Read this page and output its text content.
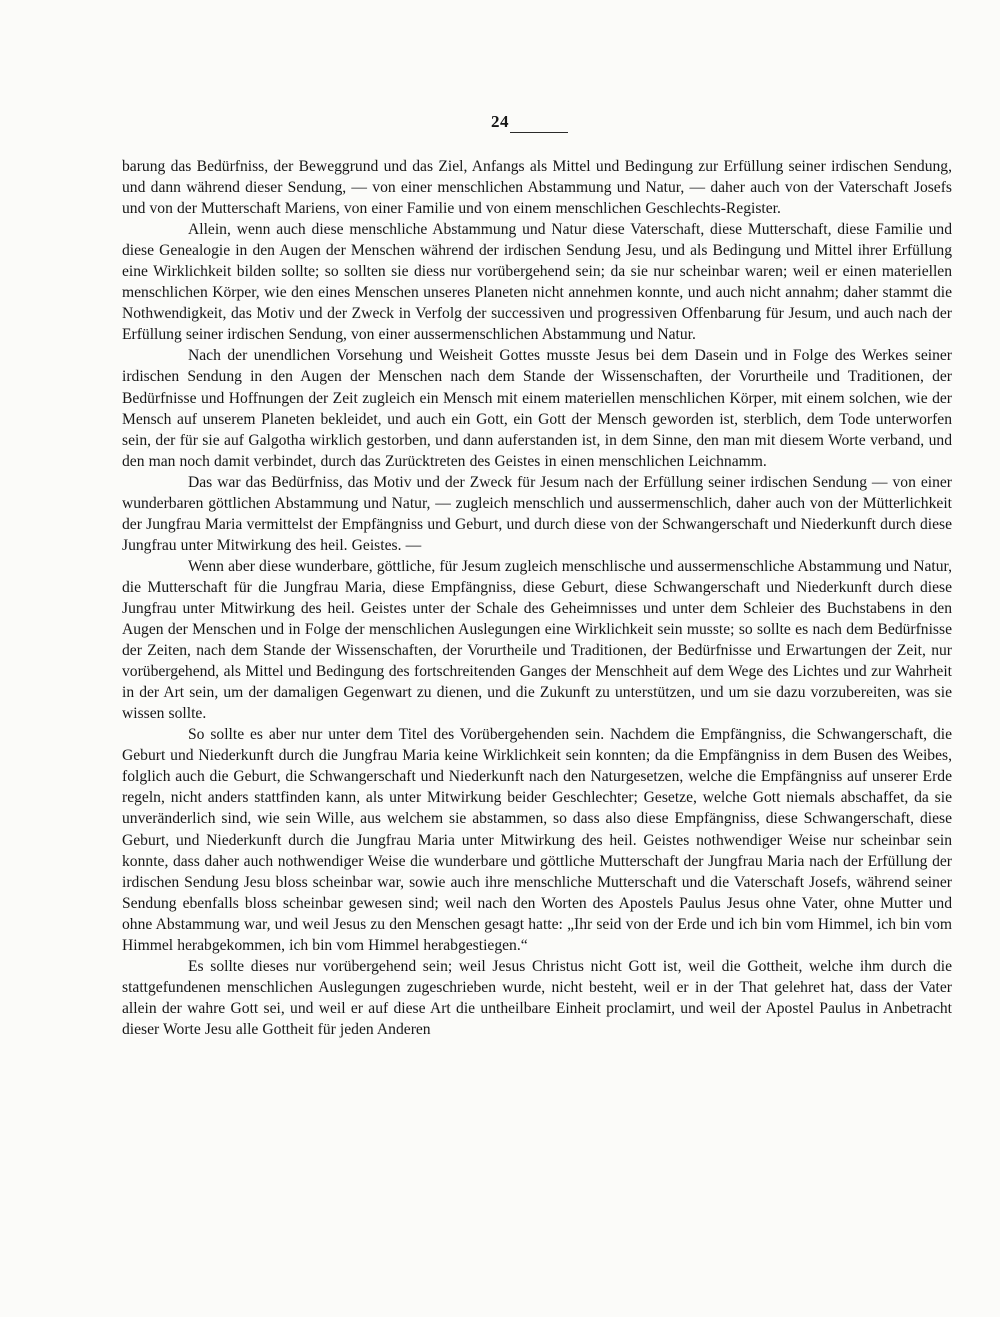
24

barung das Bedürfniss, der Beweggrund und das Ziel, Anfangs als Mittel und Bedingung zur Erfüllung seiner irdischen Sendung, und dann während dieser Sendung, — von einer menschlichen Abstammung und Natur, — daher auch von der Vaterschaft Josefs und von der Mutterschaft Mariens, von einer Familie und von einem menschlichen Geschlechts-Register.

Allein, wenn auch diese menschliche Abstammung und Natur diese Vaterschaft, diese Mutterschaft, diese Familie und diese Genealogie in den Augen der Menschen während der irdischen Sendung Jesu, und als Bedingung und Mittel ihrer Erfüllung eine Wirklichkeit bilden sollte; so sollten sie diess nur vorübergehend sein; da sie nur scheinbar waren; weil er einen materiellen menschlichen Körper, wie den eines Menschen unseres Planeten nicht annehmen konnte, und auch nicht annahm; daher stammt die Nothwendigkeit, das Motiv und der Zweck in Verfolg der successiven und progressiven Offenbarung für Jesum, und auch nach der Erfüllung seiner irdischen Sendung, von einer aussermenschlichen Abstammung und Natur.

Nach der unendlichen Vorsehung und Weisheit Gottes musste Jesus bei dem Dasein und in Folge des Werkes seiner irdischen Sendung in den Augen der Menschen nach dem Stande der Wissenschaften, der Vorurtheile und Traditionen, der Bedürfnisse und Hoffnungen der Zeit zugleich ein Mensch mit einem materiellen menschlichen Körper, mit einem solchen, wie der Mensch auf unserem Planeten bekleidet, und auch ein Gott, ein Gott der Mensch geworden ist, sterblich, dem Tode unterworfen sein, der für sie auf Galgotha wirklich gestorben, und dann auferstanden ist, in dem Sinne, den man mit diesem Worte verband, und den man noch damit verbindet, durch das Zurücktreten des Geistes in einen menschlichen Leichnamm.

Das war das Bedürfniss, das Motiv und der Zweck für Jesum nach der Erfüllung seiner irdischen Sendung — von einer wunderbaren göttlichen Abstammung und Natur, — zugleich menschlich und aussermenschlich, daher auch von der Mütterlichkeit der Jungfrau Maria vermittelst der Empfängniss und Geburt, und durch diese von der Schwangerschaft und Niederkunft durch diese Jungfrau unter Mitwirkung des heil. Geistes. —

Wenn aber diese wunderbare, göttliche, für Jesum zugleich menschlische und aussermenschliche Abstammung und Natur, die Mutterschaft für die Jungfrau Maria, diese Empfängniss, diese Geburt, diese Schwangerschaft und Niederkunft durch diese Jungfrau unter Mitwirkung des heil. Geistes unter der Schale des Geheimnisses und unter dem Schleier des Buchstabens in den Augen der Menschen und in Folge der menschlichen Auslegungen eine Wirklichkeit sein musste; so sollte es nach dem Bedürfnisse der Zeiten, nach dem Stande der Wissenschaften, der Vorurtheile und Traditionen, der Bedürfnisse und Erwartungen der Zeit, nur vorübergehend, als Mittel und Bedingung des fortschreitenden Ganges der Menschheit auf dem Wege des Lichtes und zur Wahrheit in der Art sein, um der damaligen Gegenwart zu dienen, und die Zukunft zu unterstützen, und um sie dazu vorzubereiten, was sie wissen sollte.

So sollte es aber nur unter dem Titel des Vorübergehenden sein. Nachdem die Empfängniss, die Schwangerschaft, die Geburt und Niederkunft durch die Jungfrau Maria keine Wirklichkeit sein konnten; da die Empfängniss in dem Busen des Weibes, folglich auch die Geburt, die Schwangerschaft und Niederkunft nach den Naturgesetzen, welche die Empfängniss auf unserer Erde regeln, nicht anders stattfinden kann, als unter Mitwirkung beider Geschlechter; Gesetze, welche Gott niemals abschaffet, da sie unveränderlich sind, wie sein Wille, aus welchem sie abstammen, so dass also diese Empfängniss, diese Schwangerschaft, diese Geburt, und Niederkunft durch die Jungfrau Maria unter Mitwirkung des heil. Geistes nothwendiger Weise nur scheinbar sein konnte, dass daher auch nothwendiger Weise die wunderbare und göttliche Mutterschaft der Jungfrau Maria nach der Erfüllung der irdischen Sendung Jesu bloss scheinbar war, sowie auch ihre menschliche Mutterschaft und die Vaterschaft Josefs, während seiner Sendung ebenfalls bloss scheinbar gewesen sind; weil nach den Worten des Apostels Paulus Jesus ohne Vater, ohne Mutter und ohne Abstammung war, und weil Jesus zu den Menschen gesagt hatte: „Ihr seid von der Erde und ich bin vom Himmel, ich bin vom Himmel herabgekommen, ich bin vom Himmel herabgestiegen.“

Es sollte dieses nur vorübergehend sein; weil Jesus Christus nicht Gott ist, weil die Gottheit, welche ihm durch die stattgefundenen menschlichen Auslegungen zugeschrieben wurde, nicht besteht, weil er in der That gelehret hat, dass der Vater allein der wahre Gott sei, und weil er auf diese Art die untheilbare Einheit proclamirt, und weil der Apostel Paulus in Anbetracht dieser Worte Jesu alle Gottheit für jeden Anderen
